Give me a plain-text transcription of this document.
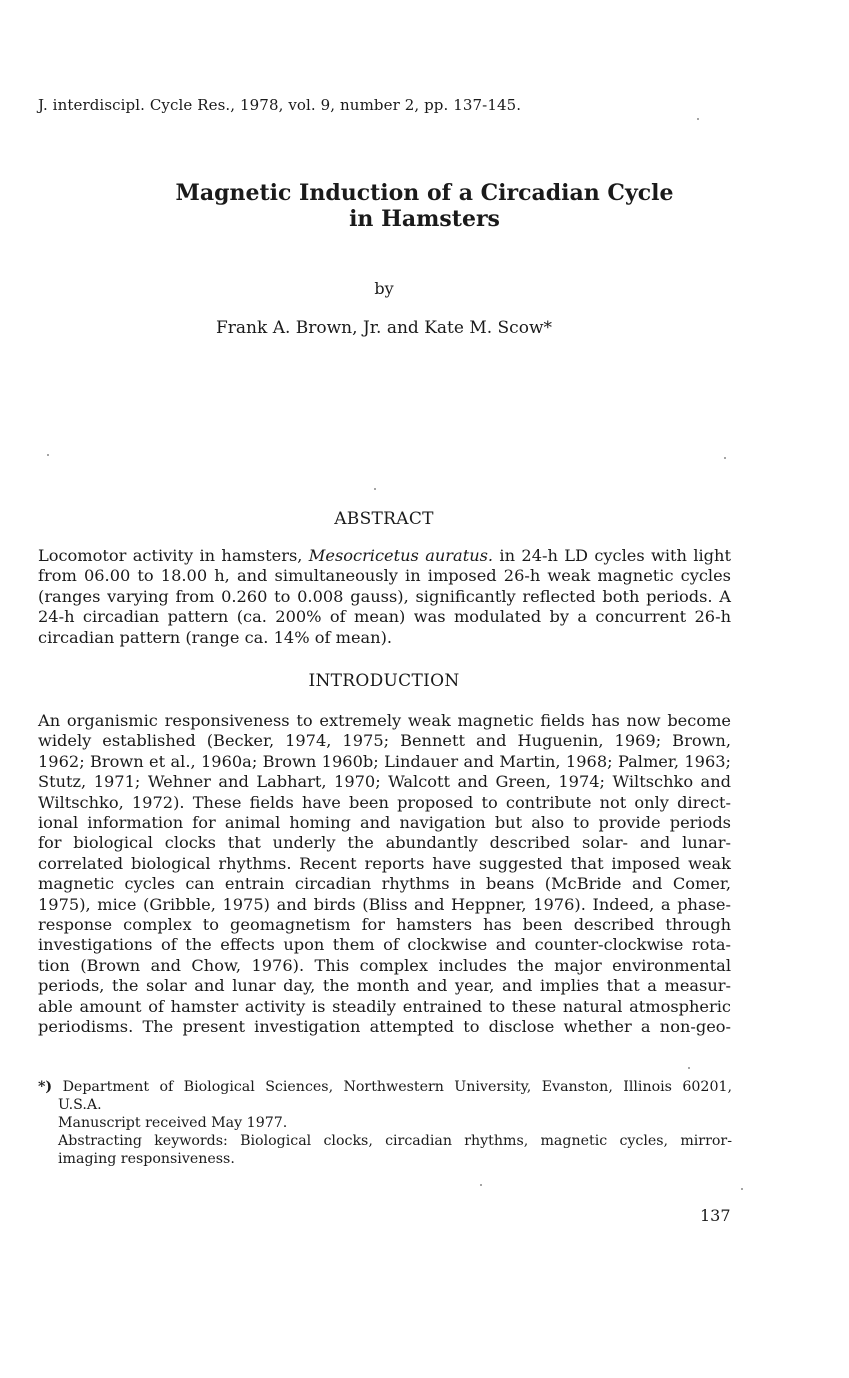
J. interdiscipl. Cycle Res., 1978, vol. 9, number 2, pp. 137-145.
Magnetic Induction of a Circadian Cycle
in Hamsters
by
Frank A. Brown, Jr. and Kate M. Scow*
ABSTRACT
Locomotor activity in hamsters, Mesocricetus auratus. in 24-h LD cycles with light
from 06.00 to 18.00 h, and simultaneously in imposed 26-h weak magnetic cycles
(ranges varying from 0.260 to 0.008 gauss), significantly reflected both periods. A
24-h circadian pattern (ca. 200% of mean) was modulated by a concurrent 26-h
circadian pattern (range ca. 14% of mean).
INTRODUCTION
An organismic responsiveness to extremely weak magnetic fields has now become
widely established (Becker, 1974, 1975; Bennett and Huguenin, 1969; Brown,
1962; Brown et al., 1960a; Brown 1960b; Lindauer and Martin, 1968; Palmer, 1963;
Stutz, 1971; Wehner and Labhart, 1970; Walcott and Green, 1974; Wiltschko and
Wiltschko, 1972). These fields have been proposed to contribute not only direct-
ional information for animal homing and navigation but also to provide periods
for biological clocks that underly the abundantly described solar- and lunar-
correlated biological rhythms. Recent reports have suggested that imposed weak
magnetic cycles can entrain circadian rhythms in beans (McBride and Comer,
1975), mice (Gribble, 1975) and birds (Bliss and Heppner, 1976). Indeed, a phase-
response complex to geomagnetism for hamsters has been described through
investigations of the effects upon them of clockwise and counter-clockwise rota-
tion (Brown and Chow, 1976). This complex includes the major environmental
periods, the solar and lunar day, the month and year, and implies that a measur-
able amount of hamster activity is steadily entrained to these natural atmospheric
periodisms. The present investigation attempted to disclose whether a non-geo-
*) Department of Biological Sciences, Northwestern University, Evanston, Illinois 60201,
U.S.A.
Manuscript received May 1977.
Abstracting keywords: Biological clocks, circadian rhythms, magnetic cycles, mirror-
imaging responsiveness.
137
